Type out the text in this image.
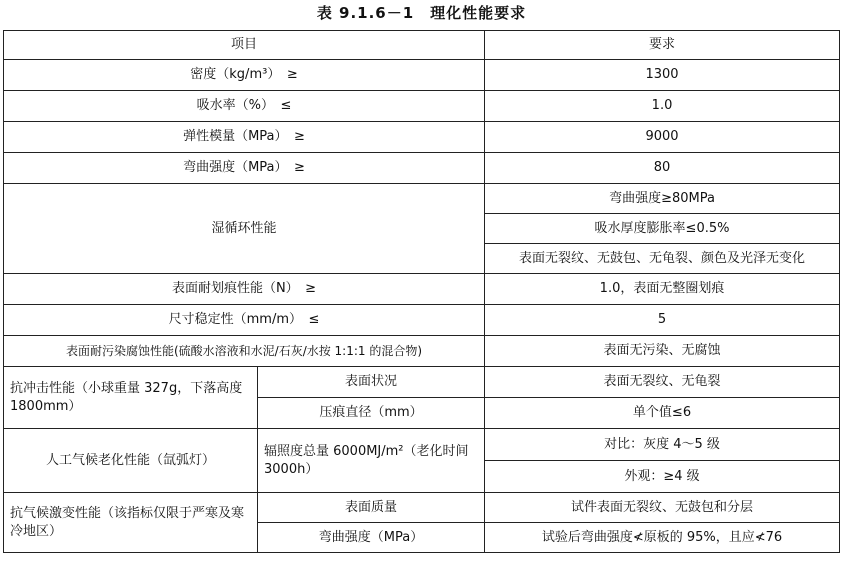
表 9.1.6－1　理化性能要求
项目		要求
密度（kg/m³）　≥		1300
吸水率（%）　≤		1.0
弹性模量（MPa）　≥		9000
弯曲强度（MPa）　≥		80
湿循环性能		弯曲强度≥80MPa
		吸水厚度膨胀率≤0.5%
		表面无裂纹、无鼓包、无龟裂、颜色及光泽无变化
表面耐划痕性能（N）　≥		1.0，表面无整圈划痕
尺寸稳定性（mm/m）　≤		5
表面耐污染腐蚀性能(硫酸水溶液和水泥/石灰/水按 1:1:1 的混合物)		表面无污染、无腐蚀
抗冲击性能（小球重量 327g，下落高度 1800mm）	表面状况	表面无裂纹、无龟裂
	压痕直径（mm）	单个值≤6
人工气候老化性能（氙弧灯）	辐照度总量 6000MJ/m²（老化时间 3000h）	对比：灰度 4～5 级
		外观：≥4 级
抗气候激变性能（该指标仅限于严寒及寒冷地区）	表面质量	试件表面无裂纹、无鼓包和分层
	弯曲强度（MPa）	试验后弯曲强度≮原板的 95%，且应≮76
